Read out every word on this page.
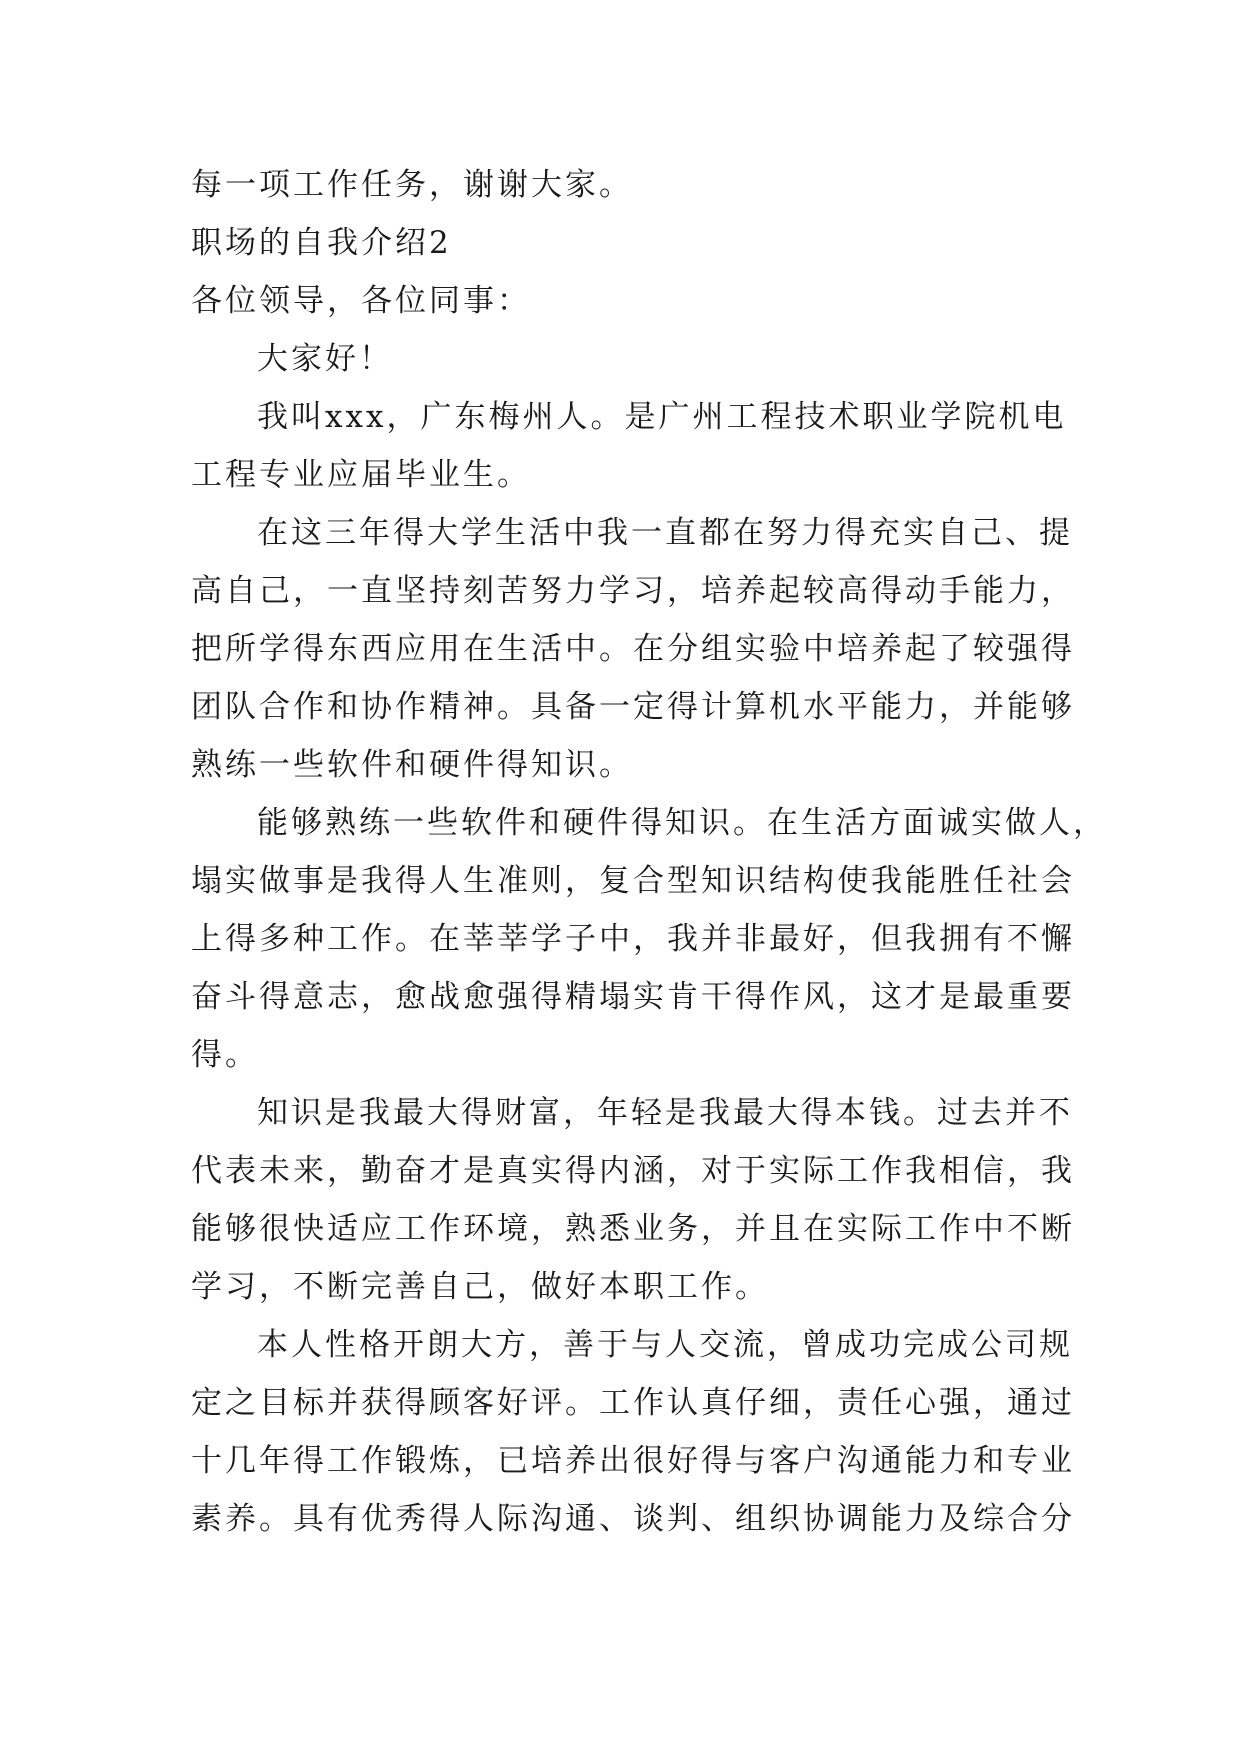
每一项工作任务，谢谢大家。

职场的自我介绍2

各位领导，各位同事：

大家好！

我叫xxx，广东梅州人。是广州工程技术职业学院机电

工程专业应届毕业生。

在这三年得大学生活中我一直都在努力得充实自己、提

高自己，一直坚持刻苦努力学习，培养起较高得动手能力，

把所学得东西应用在生活中。在分组实验中培养起了较强得

团队合作和协作精神。具备一定得计算机水平能力，并能够

熟练一些软件和硬件得知识。

能够熟练一些软件和硬件得知识。在生活方面诚实做人，

塌实做事是我得人生准则，复合型知识结构使我能胜任社会

上得多种工作。在莘莘学子中，我并非最好，但我拥有不懈

奋斗得意志，愈战愈强得精塌实肯干得作风，这才是最重要

得。

知识是我最大得财富，年轻是我最大得本钱。过去并不

代表未来，勤奋才是真实得内涵，对于实际工作我相信，我

能够很快适应工作环境，熟悉业务，并且在实际工作中不断

学习，不断完善自己，做好本职工作。

本人性格开朗大方，善于与人交流，曾成功完成公司规

定之目标并获得顾客好评。工作认真仔细，责任心强，通过

十几年得工作锻炼，已培养出很好得与客户沟通能力和专业

素养。具有优秀得人际沟通、谈判、组织协调能力及综合分
